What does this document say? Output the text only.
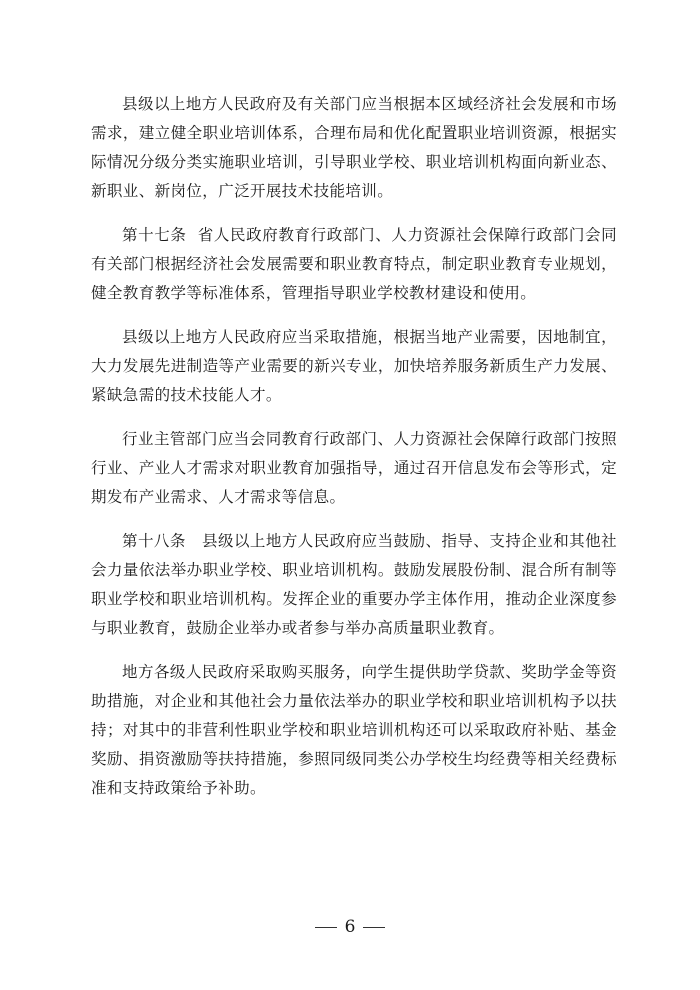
县级以上地方人民政府及有关部门应当根据本区域经济社会发展和市场需求，建立健全职业培训体系，合理布局和优化配置职业培训资源，根据实际情况分级分类实施职业培训，引导职业学校、职业培训机构面向新业态、新职业、新岗位，广泛开展技术技能培训。

第十七条 省人民政府教育行政部门、人力资源社会保障行政部门会同有关部门根据经济社会发展需要和职业教育特点，制定职业教育专业规划，健全教育教学等标准体系，管理指导职业学校教材建设和使用。

县级以上地方人民政府应当采取措施，根据当地产业需要，因地制宜，大力发展先进制造等产业需要的新兴专业，加快培养服务新质生产力发展、紧缺急需的技术技能人才。

行业主管部门应当会同教育行政部门、人力资源社会保障行政部门按照行业、产业人才需求对职业教育加强指导，通过召开信息发布会等形式，定期发布产业需求、人才需求等信息。

第十八条 县级以上地方人民政府应当鼓励、指导、支持企业和其他社会力量依法举办职业学校、职业培训机构。鼓励发展股份制、混合所有制等职业学校和职业培训机构。发挥企业的重要办学主体作用，推动企业深度参与职业教育，鼓励企业举办或者参与举办高质量职业教育。

地方各级人民政府采取购买服务，向学生提供助学贷款、奖助学金等资助措施，对企业和其他社会力量依法举办的职业学校和职业培训机构予以扶持；对其中的非营利性职业学校和职业培训机构还可以采取政府补贴、基金奖励、捐资激励等扶持措施，参照同级同类公办学校生均经费等相关经费标准和支持政策给予补助。

6
